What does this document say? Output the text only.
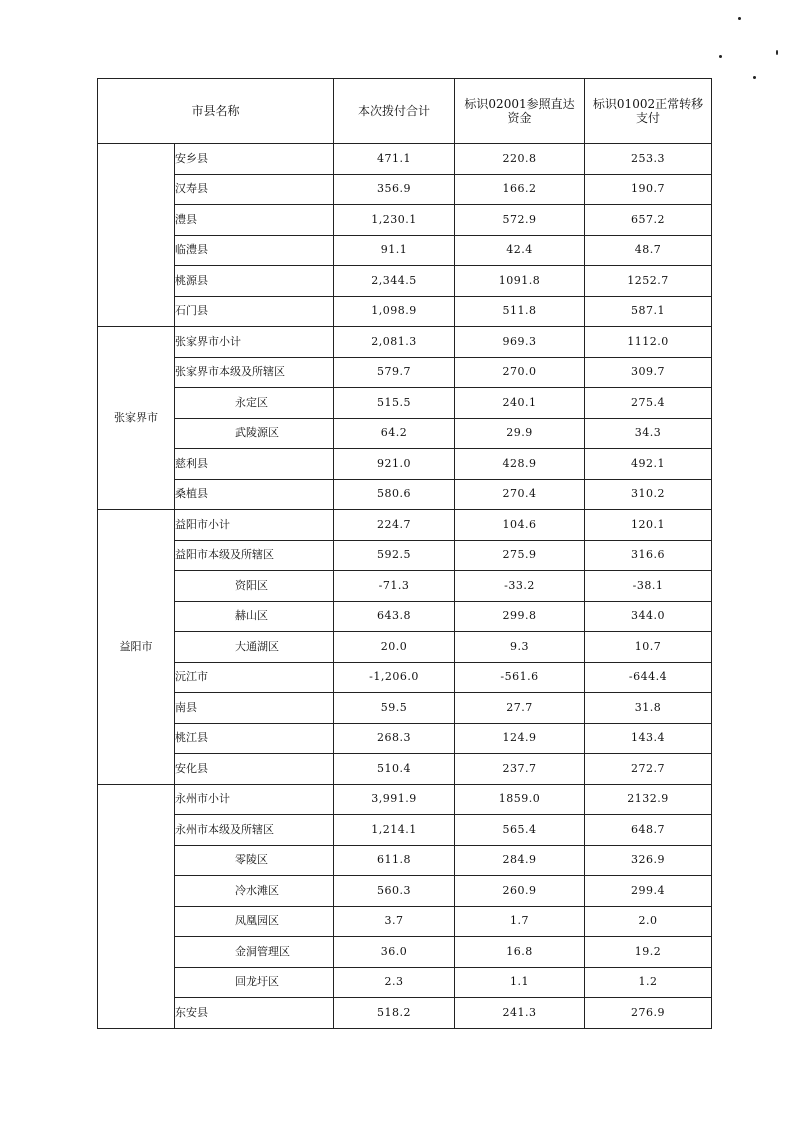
市县名称		本次拨付合计	标识02001参照直达资金	标识01002正常转移支付
	安乡县	471.1	220.8	253.3
	汉寿县	356.9	166.2	190.7
	澧县	1,230.1	572.9	657.2
	临澧县	91.1	42.4	48.7
	桃源县	2,344.5	1091.8	1252.7
	石门县	1,098.9	511.8	587.1
张家界市	张家界市小计	2,081.3	969.3	1112.0
	张家界市本级及所辖区	579.7	270.0	309.7
	永定区	515.5	240.1	275.4
	武陵源区	64.2	29.9	34.3
	慈利县	921.0	428.9	492.1
	桑植县	580.6	270.4	310.2
益阳市	益阳市小计	224.7	104.6	120.1
	益阳市本级及所辖区	592.5	275.9	316.6
	资阳区	-71.3	-33.2	-38.1
	赫山区	643.8	299.8	344.0
	大通湖区	20.0	9.3	10.7
	沅江市	-1,206.0	-561.6	-644.4
	南县	59.5	27.7	31.8
	桃江县	268.3	124.9	143.4
	安化县	510.4	237.7	272.7
	永州市小计	3,991.9	1859.0	2132.9
	永州市本级及所辖区	1,214.1	565.4	648.7
	零陵区	611.8	284.9	326.9
	冷水滩区	560.3	260.9	299.4
	凤凰园区	3.7	1.7	2.0
	金洞管理区	36.0	16.8	19.2
	回龙圩区	2.3	1.1	1.2
	东安县	518.2	241.3	276.9
